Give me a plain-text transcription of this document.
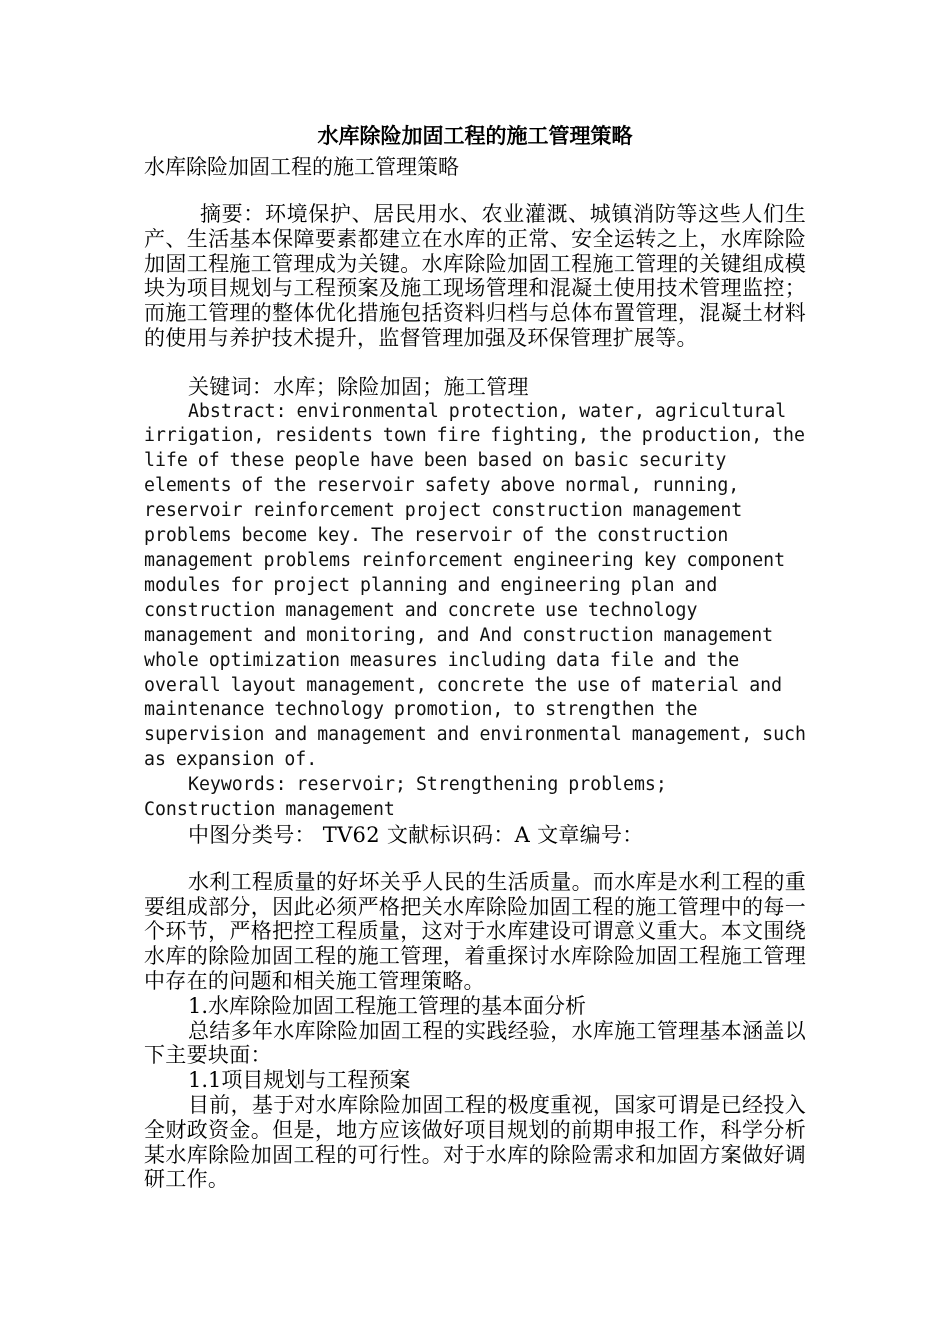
水库除险加固工程的施工管理策略

水库除险加固工程的施工管理策略

摘要：环境保护、居民用水、农业灌溉、城镇消防等这些人们生产、生活基本保障要素都建立在水库的正常、安全运转之上，水库除险加固工程施工管理成为关键。水库除险加固工程施工管理的关键组成模块为项目规划与工程预案及施工现场管理和混凝土使用技术管理监控；而施工管理的整体优化措施包括资料归档与总体布置管理，混凝土材料的使用与养护技术提升，监督管理加强及环保管理扩展等。

关键词：水库；除险加固；施工管理

Abstract: environmental protection, water, agricultural irrigation, residents town fire fighting, the production, the life of these people have been based on basic security elements of the reservoir safety above normal, running, reservoir reinforcement project construction management problems become key. The reservoir of the construction management problems reinforcement engineering key component modules for project planning and engineering plan and construction management and concrete use technology management and monitoring, and And construction management whole optimization measures including data file and the overall layout management, concrete the use of material and maintenance technology promotion, to strengthen the supervision and management and environmental management, such as expansion of.

Keywords: reservoir; Strengthening problems; Construction management

中图分类号： TV62 文献标识码：A 文章编号：

水利工程质量的好坏关乎人民的生活质量。而水库是水利工程的重要组成部分，因此必须严格把关水库除险加固工程的施工管理中的每一个环节，严格把控工程质量，这对于水库建设可谓意义重大。本文围绕水库的除险加固工程的施工管理，着重探讨水库除险加固工程施工管理中存在的问题和相关施工管理策略。

1.水库除险加固工程施工管理的基本面分析

总结多年水库除险加固工程的实践经验，水库施工管理基本涵盖以下主要块面：

1.1项目规划与工程预案

目前，基于对水库除险加固工程的极度重视，国家可谓是已经投入全财政资金。但是，地方应该做好项目规划的前期申报工作，科学分析某水库除险加固工程的可行性。对于水库的除险需求和加固方案做好调研工作。
